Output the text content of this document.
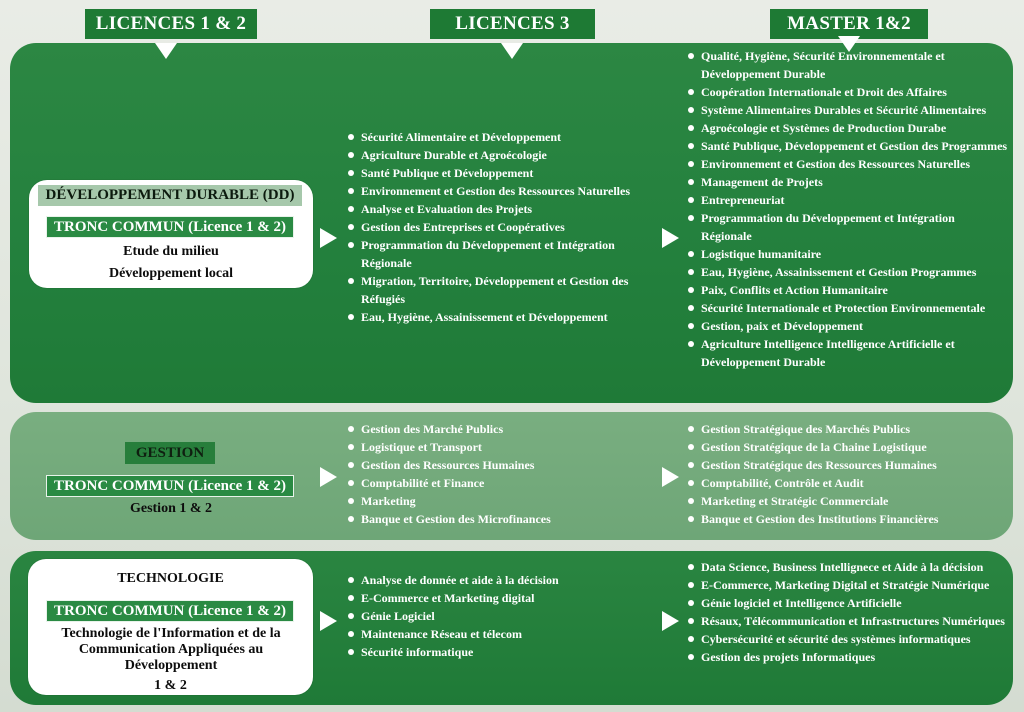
LICENCES 1 & 2	LICENCES 3	MASTER 1&2
DÉVELOPPEMENT DURABLE (DD)
TRONC COMMUN (Licence 1 & 2)
Etude du milieu
Développement local
Sécurité Alimentaire et Développement
Agriculture Durable et Agroécologie
Santé Publique et Développement
Environnement et Gestion des Ressources Naturelles
Analyse et Evaluation des Projets
Gestion des Entreprises et Coopératives
Programmation du Développement et Intégration Régionale
Migration, Territoire, Développement et Gestion des Réfugiés
Eau, Hygiène, Assainissement et Développement
Qualité, Hygiène, Sécurité Environnementale et Développement Durable
Coopération Internationale et Droit des Affaires
Système Alimentaires Durables et Sécurité Alimentaires
Agroécologie et Systèmes de Production Durabe
Santé Publique, Développement et Gestion des Programmes
Environnement et Gestion des Ressources Naturelles
Management de Projets
Entrepreneuriat
Programmation du Développement et Intégration Régionale
Logistique humanitaire
Eau, Hygiène, Assainissement et Gestion Programmes
Paix, Conflits et Action Humanitaire
Sécurité Internationale et Protection Environnementale
Gestion, paix et Développement
Agriculture Intelligence Intelligence Artificielle et Développement Durable
GESTION
TRONC COMMUN (Licence 1 & 2)
Gestion 1 & 2
Gestion des Marché Publics
Logistique et Transport
Gestion des Ressources Humaines
Comptabilité et Finance
Marketing
Banque et Gestion des Microfinances
Gestion Stratégique des Marchés Publics
Gestion Stratégique de la Chaine Logistique
Gestion Stratégique des Ressources Humaines
Comptabilité, Contrôle et Audit
Marketing et Stratégic Commerciale
Banque et Gestion des Institutions Financières
TECHNOLOGIE
TRONC COMMUN (Licence 1 & 2)
Technologie de l'Information et de la Communication Appliquées au Développement
1 & 2
Analyse de donnée et aide à la décision
E-Commerce et Marketing digital
Génie Logiciel
Maintenance Réseau et télecom
Sécurité informatique
Data Science, Business Intellignece et Aide à la décision
E-Commerce, Marketing Digital et Stratégie Numérique
Génie logiciel et Intelligence Artificielle
Résaux, Télécommunication et Infrastructures Numériques
Cybersécurité et sécurité des systèmes informatiques
Gestion des projets Informatiques
